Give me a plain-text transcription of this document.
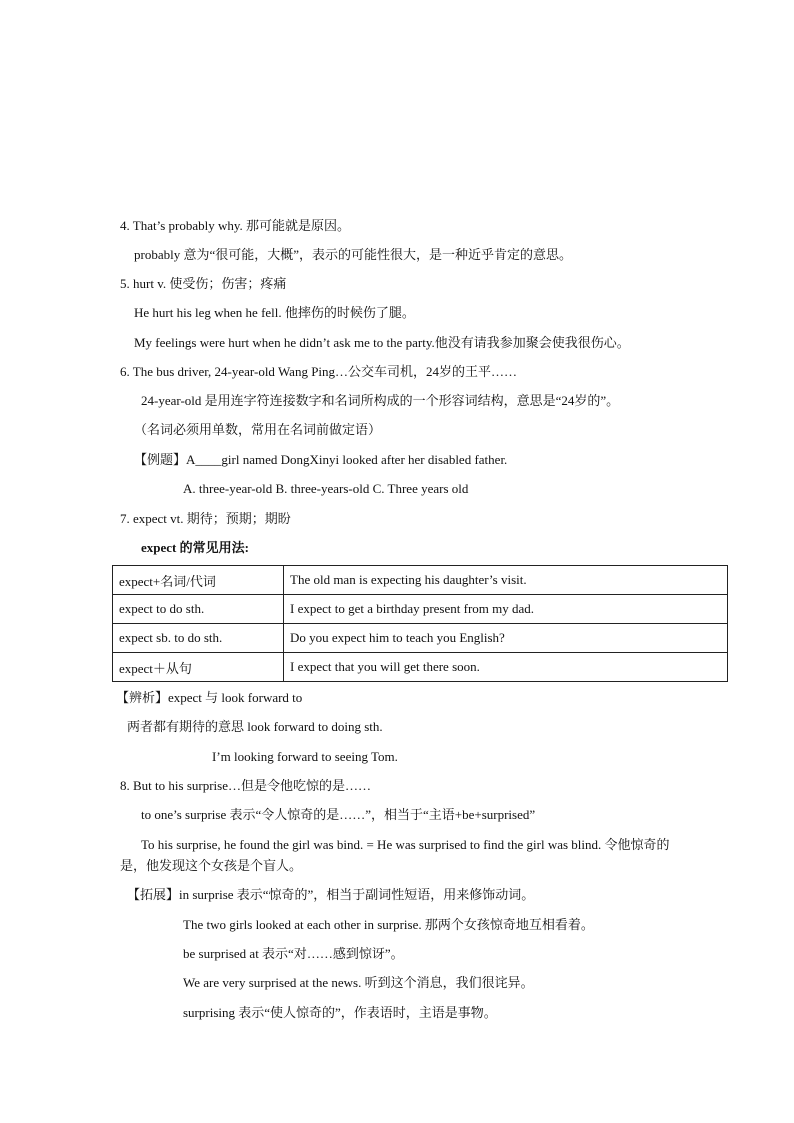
4. That’s probably why. 那可能就是原因。
probably 意为“很可能，大概”，表示的可能性很大，是一种近乎肯定的意思。
5. hurt v. 使受伤；伤害；疼痛
He hurt his leg when he fell. 他摔伤的时候伤了腿。
My feelings were hurt when he didn’t ask me to the party.他没有请我参加聚会使我很伤心。
6. The bus driver, 24-year-old Wang Ping…公交车司机，24岁的王平……
24-year-old 是用连字符连接数字和名词所构成的一个形容词结构，意思是“24岁的”。
（名词必须用单数，常用在名词前做定语）
【例题】A____girl named DongXinyi looked after her disabled father.
A. three-year-old B. three-years-old C. Three years old
7. expect vt. 期待；预期；期盼
expect 的常见用法:
expect+名词/代词	The old man is expecting his daughter’s visit.
expect to do sth.	I expect to get a birthday present from my dad.
expect sb. to do sth.	Do you expect him to teach you English?
expect＋从句	I expect that you will get there soon.
【辨析】expect 与 look forward to
两者都有期待的意思 look forward to doing sth.
I’m looking forward to seeing Tom.
8. But to his surprise…但是令他吃惊的是……
to one’s surprise 表示“令人惊奇的是……”，相当于“主语+be+surprised”
To his surprise, he found the girl was bind. = He was surprised to find the girl was blind. 令他惊奇的
是，他发现这个女孩是个盲人。
【拓展】in surprise 表示“惊奇的”，相当于副词性短语，用来修饰动词。
The two girls looked at each other in surprise. 那两个女孩惊奇地互相看着。
be surprised at 表示“对……感到惊讶”。
We are very surprised at the news. 听到这个消息，我们很诧异。
surprising 表示“使人惊奇的”，作表语时，主语是事物。
